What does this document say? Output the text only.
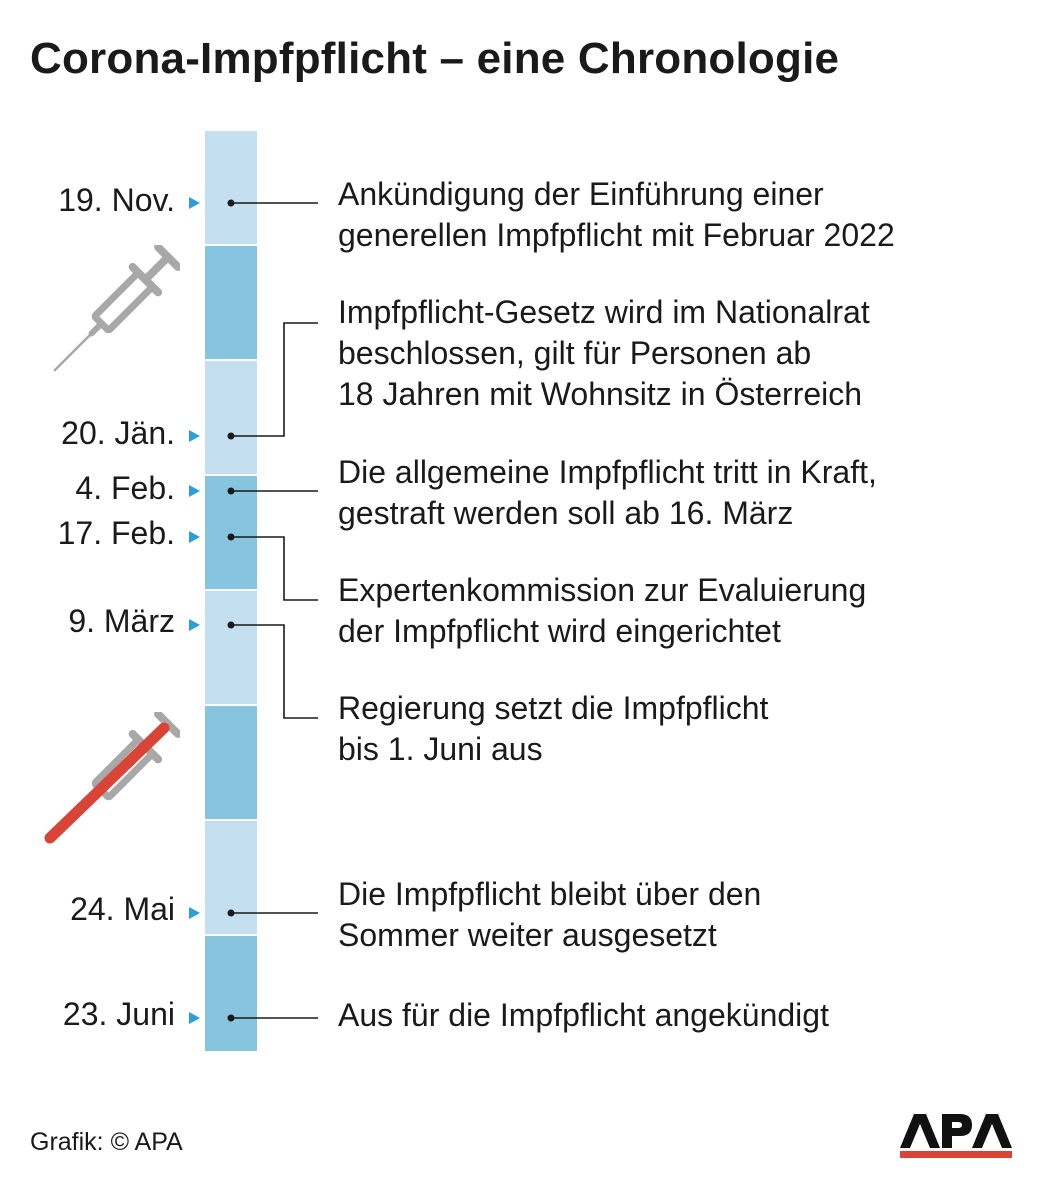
Corona-Impfpflicht – eine Chronologie
19. Nov.
20. Jän.
4. Feb.
17. Feb.
9. März
24. Mai
23. Juni
Ankündigung der Einführung einer
generellen Impfpflicht mit Februar 2022
Impfpflicht-Gesetz wird im Nationalrat
beschlossen, gilt für Personen ab
18 Jahren mit Wohnsitz in Österreich
Die allgemeine Impfpflicht tritt in Kraft,
gestraft werden soll ab 16. März
Expertenkommission zur Evaluierung
der Impfpflicht wird eingerichtet
Regierung setzt die Impfpflicht
bis 1. Juni aus
Die Impfpflicht bleibt über den
Sommer weiter ausgesetzt
Aus für die Impfpflicht angekündigt
Grafik: © APA
